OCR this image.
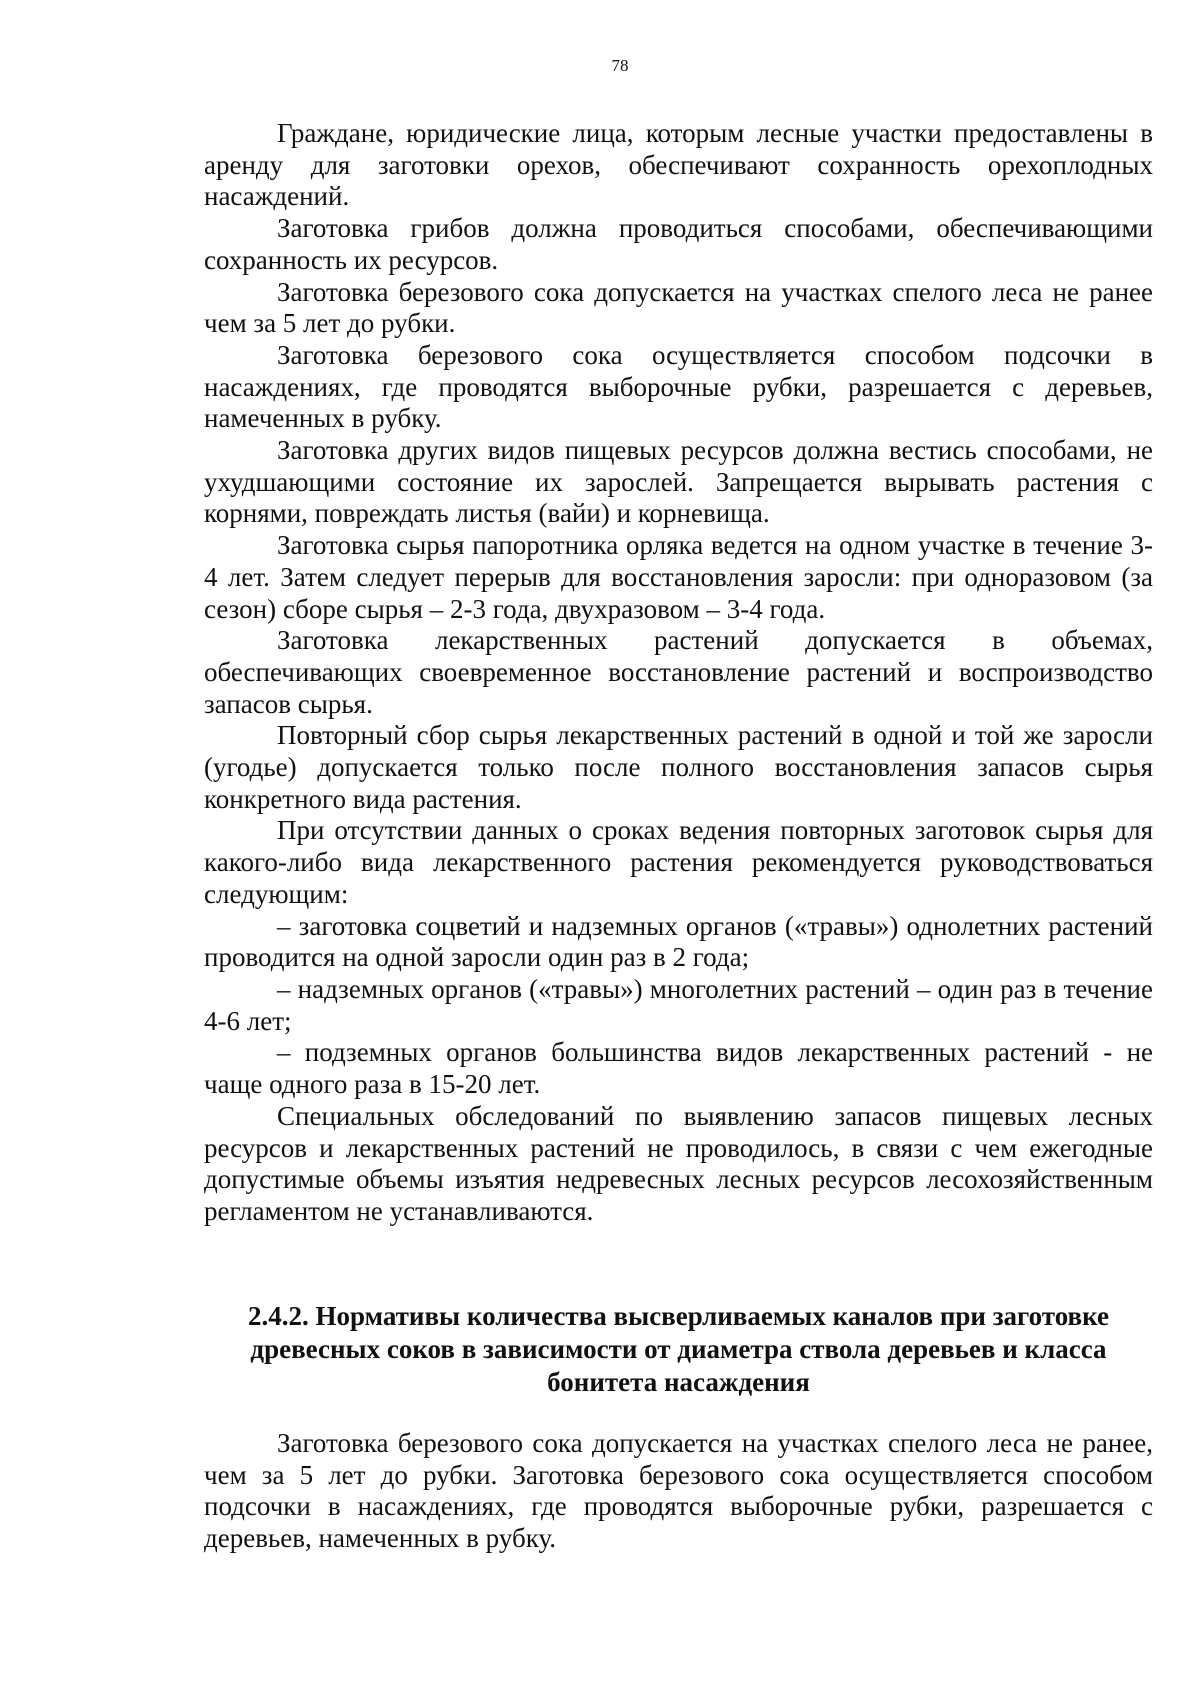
78

Граждане, юридические лица, которым лесные участки предоставлены в аренду для заготовки орехов, обеспечивают сохранность орехоплодных насаждений.

Заготовка грибов должна проводиться способами, обеспечивающими сохранность их ресурсов.

Заготовка березового сока допускается на участках спелого леса не ранее чем за 5 лет до рубки.

Заготовка березового сока осуществляется способом подсочки в насаждениях, где проводятся выборочные рубки, разрешается с деревьев, намеченных в рубку.

Заготовка других видов пищевых ресурсов должна вестись способами, не ухудшающими состояние их зарослей. Запрещается вырывать растения с корнями, повреждать листья (вайи) и корневища.

Заготовка сырья папоротника орляка ведется на одном участке в течение 3-4 лет. Затем следует перерыв для восстановления заросли: при одноразовом (за сезон) сборе сырья – 2-3 года, двухразовом – 3-4 года.

Заготовка лекарственных растений допускается в объемах, обеспечивающих своевременное восстановление растений и воспроизводство запасов сырья.

Повторный сбор сырья лекарственных растений в одной и той же заросли (угодье) допускается только после полного восстановления запасов сырья конкретного вида растения.

При отсутствии данных о сроках ведения повторных заготовок сырья для какого-либо вида лекарственного растения рекомендуется руководствоваться следующим:

– заготовка соцветий и надземных органов («травы») однолетних растений проводится на одной заросли один раз в 2 года;

– надземных органов («травы») многолетних растений – один раз в течение 4-6 лет;

– подземных органов большинства видов лекарственных растений - не чаще одного раза в 15-20 лет.

Специальных обследований по выявлению запасов пищевых лесных ресурсов и лекарственных растений не проводилось, в связи с чем ежегодные допустимые объемы изъятия недревесных лесных ресурсов лесохозяйственным регламентом не устанавливаются.

2.4.2. Нормативы количества высверливаемых каналов при заготовке древесных соков в зависимости от диаметра ствола деревьев и класса бонитета насаждения

Заготовка березового сока допускается на участках спелого леса не ранее, чем за 5 лет до рубки. Заготовка березового сока осуществляется способом подсочки в насаждениях, где проводятся выборочные рубки, разрешается с деревьев, намеченных в рубку.
